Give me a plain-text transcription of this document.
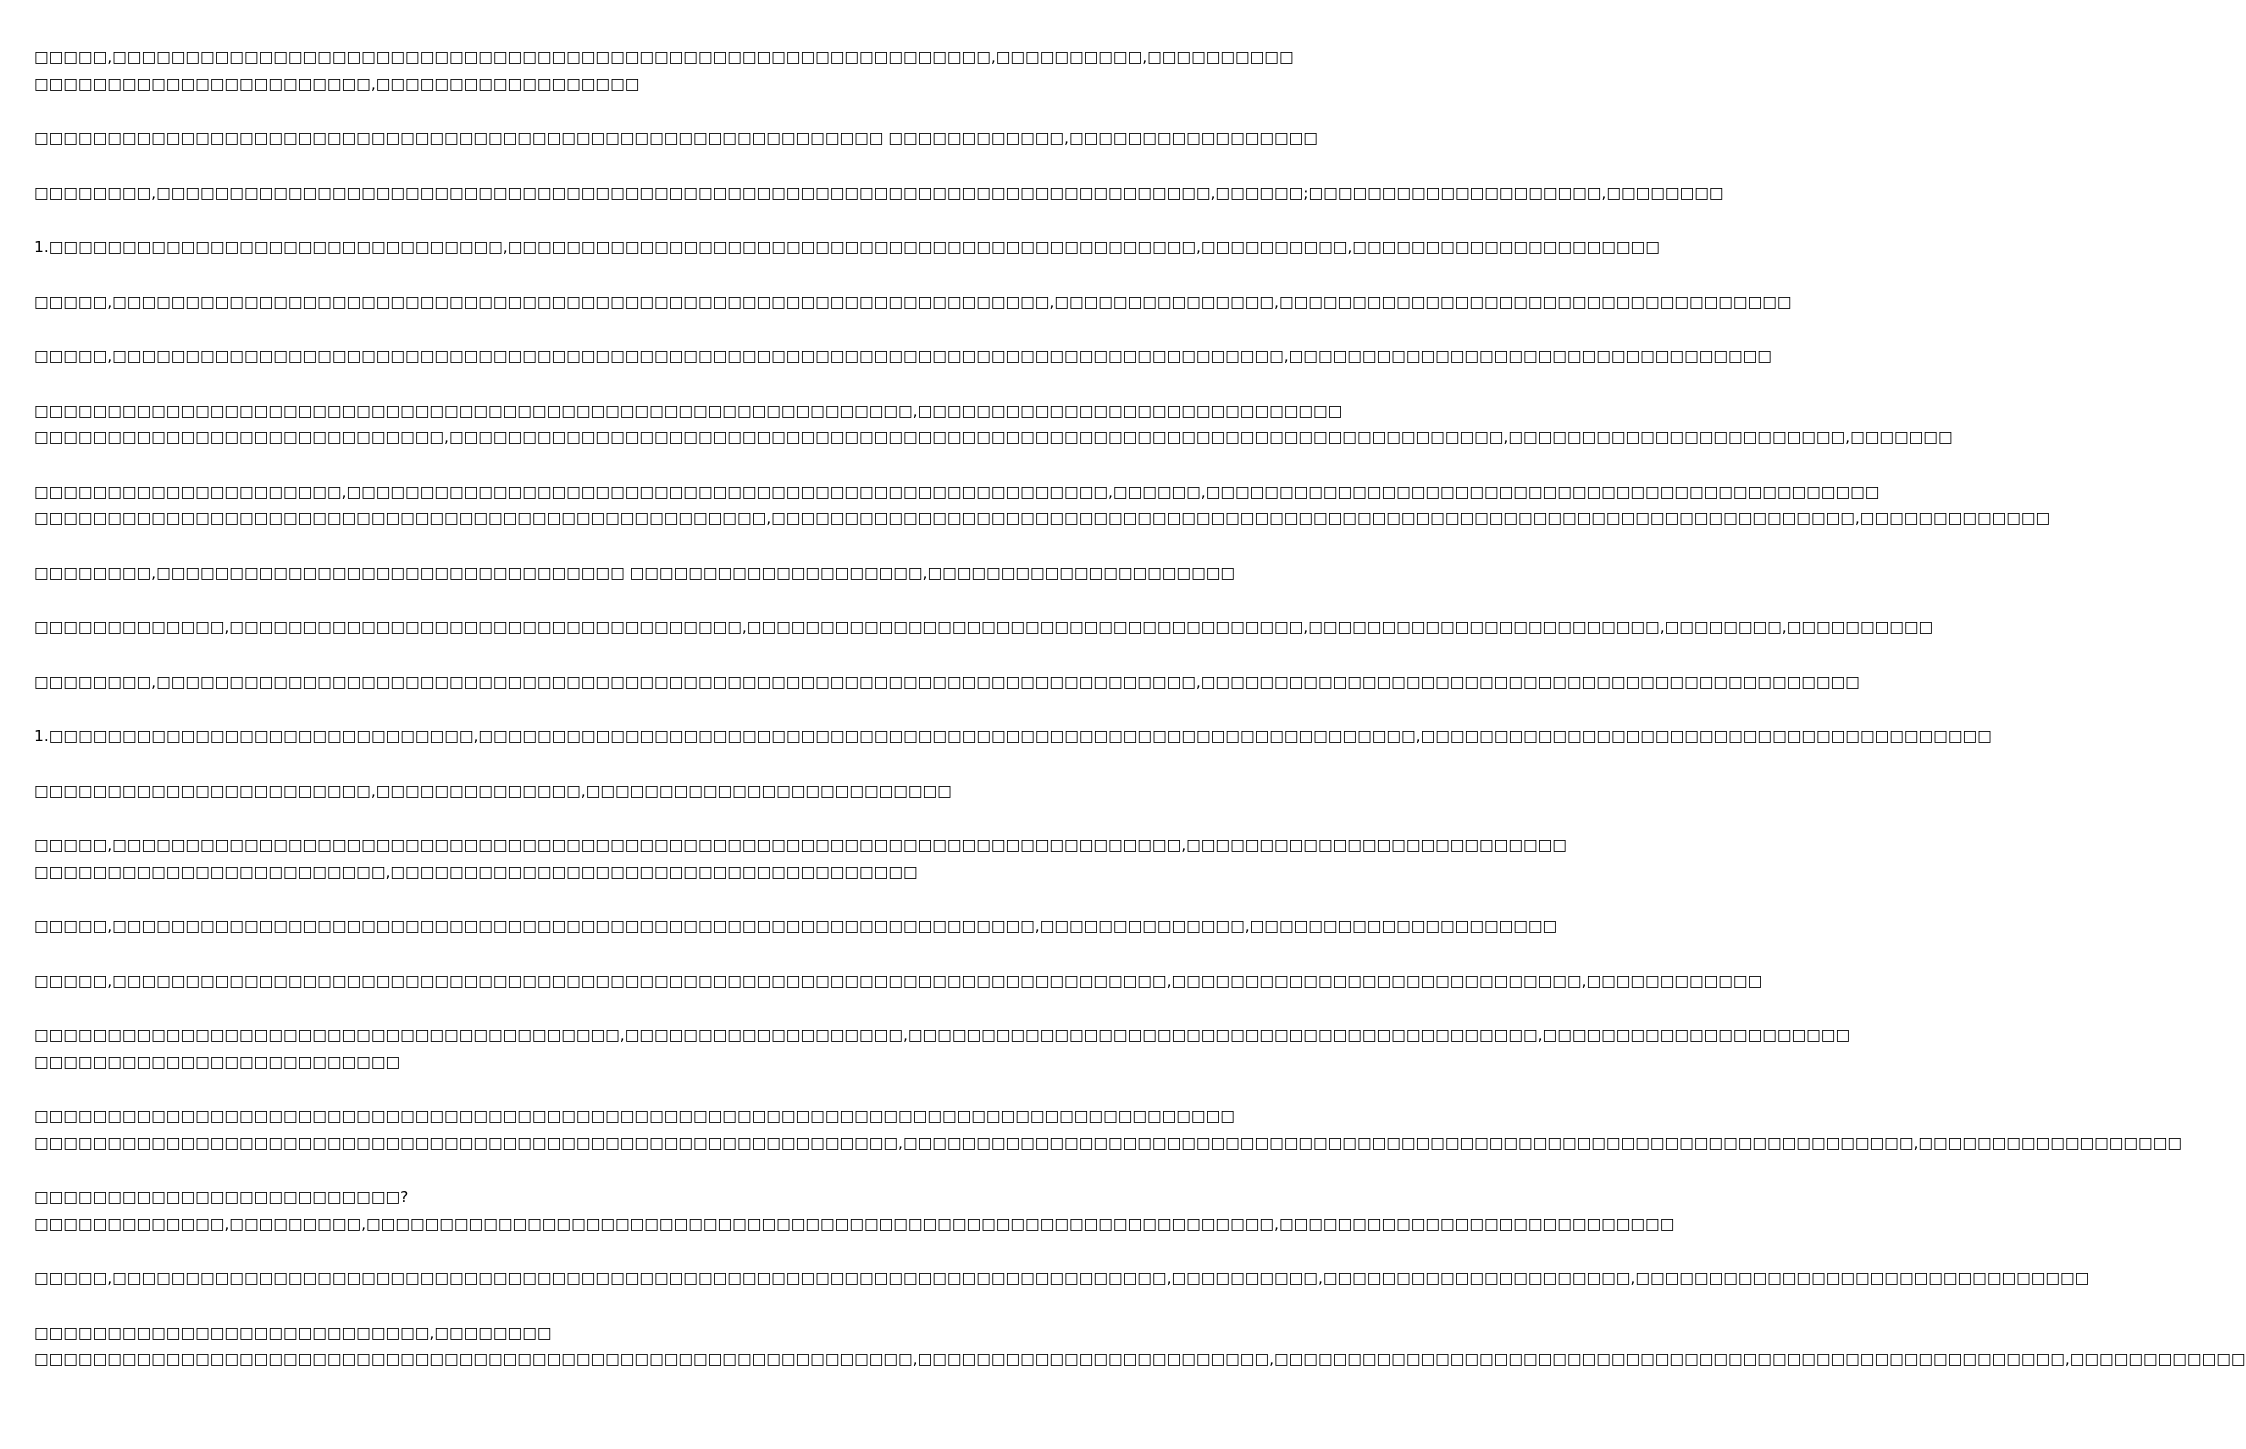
□□□□□,□□□□□□□□□□□□□□□□□□□□□□□□□□□□□□□□□□□□□□□□□□□□□□□□□□□□□□□□□□□□,□□□□□□□□□□,□□□□□□□□□□
□□□□□□□□□□□□□□□□□□□□□□□,□□□□□□□□□□□□□□□□□□
□□□□□□□□□□□□□□□□□□□□□□□□□□□□□□□□□□□□□□□□□□□□□□□□□□□□□□□□□□ □□□□□□□□□□□□,□□□□□□□□□□□□□□□□□
□□□□□□□□,□□□□□□□□□□□□□□□□□□□□□□□□□□□□□□□□□□□□□□□□□□□□□□□□□□□□□□□□□□□□□□□□□□□□□□□□,□□□□□□;□□□□□□□□□□□□□□□□□□□□,□□□□□□□□
1.□□□□□□□□□□□□□□□□□□□□□□□□□□□□□□□,□□□□□□□□□□□□□□□□□□□□□□□□□□□□□□□□□□□□□□□□□□□□□□□,□□□□□□□□□□,□□□□□□□□□□□□□□□□□□□□□
□□□□□,□□□□□□□□□□□□□□□□□□□□□□□□□□□□□□□□□□□□□□□□□□□□□□□□□□□□□□□□□□□□□□□□,□□□□□□□□□□□□□□□,□□□□□□□□□□□□□□□□□□□□□□□□□□□□□□□□□□□
□□□□□,□□□□□□□□□□□□□□□□□□□□□□□□□□□□□□□□□□□□□□□□□□□□□□□□□□□□□□□□□□□□□□□□□□□□□□□□□□□□□□□□,□□□□□□□□□□□□□□□□□□□□□□□□□□□□□□□□□
□□□□□□□□□□□□□□□□□□□□□□□□□□□□□□□□□□□□□□□□□□□□□□□□□□□□□□□□□□□□,□□□□□□□□□□□□□□□□□□□□□□□□□□□□□
□□□□□□□□□□□□□□□□□□□□□□□□□□□□,□□□□□□□□□□□□□□□□□□□□□□□□□□□□□□□□□□□□□□□□□□□□□□□□□□□□□□□□□□□□□□□□□□□□□□□□,□□□□□□□□□□□□□□□□□□□□□□□,□□□□□□□
□□□□□□□□□□□□□□□□□□□□□,□□□□□□□□□□□□□□□□□□□□□□□□□□□□□□□□□□□□□□□□□□□□□□□□□□□□,□□□□□□,□□□□□□□□□□□□□□□□□□□□□□□□□□□□□□□□□□□□□□□□□□□□□□
□□□□□□□□□□□□□□□□□□□□□□□□□□□□□□□□□□□□□□□□□□□□□□□□□□,□□□□□□□□□□□□□□□□□□□□□□□□□□□□□□□□□□□□□□□□□□□□□□□□□□□□□□□□□□□□□□□□□□□□□□□□□□,□□□□□□□□□□□□□
□□□□□□□□,□□□□□□□□□□□□□□□□□□□□□□□□□□□□□□□□ □□□□□□□□□□□□□□□□□□□□,□□□□□□□□□□□□□□□□□□□□□
□□□□□□□□□□□□□,□□□□□□□□□□□□□□□□□□□□□□□□□□□□□□□□□□□,□□□□□□□□□□□□□□□□□□□□□□□□□□□□□□□□□□□□□□,□□□□□□□□□□□□□□□□□□□□□□□□,□□□□□□□□,□□□□□□□□□□
□□□□□□□□,□□□□□□□□□□□□□□□□□□□□□□□□□□□□□□□□□□□□□□□□□□□□□□□□□□□□□□□□□□□□□□□□□□□□□□□,□□□□□□□□□□□□□□□□□□□□□□□□□□□□□□□□□□□□□□□□□□□□□
1.□□□□□□□□□□□□□□□□□□□□□□□□□□□□□,□□□□□□□□□□□□□□□□□□□□□□□□□□□□□□□□□□□□□□□□□□□□□□□□□□□□□□□□□□□□□□□□,□□□□□□□□□□□□□□□□□□□□□□□□□□□□□□□□□□□□□□□
□□□□□□□□□□□□□□□□□□□□□□□,□□□□□□□□□□□□□□,□□□□□□□□□□□□□□□□□□□□□□□□□
□□□□□,□□□□□□□□□□□□□□□□□□□□□□□□□□□□□□□□□□□□□□□□□□□□□□□□□□□□□□□□□□□□□□□□□□□□□□□□□,□□□□□□□□□□□□□□□□□□□□□□□□□□
□□□□□□□□□□□□□□□□□□□□□□□□,□□□□□□□□□□□□□□□□□□□□□□□□□□□□□□□□□□□□
□□□□□,□□□□□□□□□□□□□□□□□□□□□□□□□□□□□□□□□□□□□□□□□□□□□□□□□□□□□□□□□□□□□□□,□□□□□□□□□□□□□□,□□□□□□□□□□□□□□□□□□□□□
□□□□□,□□□□□□□□□□□□□□□□□□□□□□□□□□□□□□□□□□□□□□□□□□□□□□□□□□□□□□□□□□□□□□□□□□□□□□□□,□□□□□□□□□□□□□□□□□□□□□□□□□□□□,□□□□□□□□□□□□
□□□□□□□□□□□□□□□□□□□□□□□□□□□□□□□□□□□□□□□□,□□□□□□□□□□□□□□□□□□□,□□□□□□□□□□□□□□□□□□□□□□□□□□□□□□□□□□□□□□□□□□□,□□□□□□□□□□□□□□□□□□□□□
□□□□□□□□□□□□□□□□□□□□□□□□□
□□□□□□□□□□□□□□□□□□□□□□□□□□□□□□□□□□□□□□□□□□□□□□□□□□□□□□□□□□□□□□□□□□□□□□□□□□□□□□□□□□
□□□□□□□□□□□□□□□□□□□□□□□□□□□□□□□□□□□□□□□□□□□□□□□□□□□□□□□□□□□,□□□□□□□□□□□□□□□□□□□□□□□□□□□□□□□□□□□□□□□□□□□□□□□□□□□□□□□□□□□□□□□□□□□□□,□□□□□□□□□□□□□□□□□□
□□□□□□□□□□□□□□□□□□□□□□□□□?
□□□□□□□□□□□□□,□□□□□□□□□,□□□□□□□□□□□□□□□□□□□□□□□□□□□□□□□□□□□□□□□□□□□□□□□□□□□□□□□□□□□□□□,□□□□□□□□□□□□□□□□□□□□□□□□□□□
□□□□□,□□□□□□□□□□□□□□□□□□□□□□□□□□□□□□□□□□□□□□□□□□□□□□□□□□□□□□□□□□□□□□□□□□□□□□□□,□□□□□□□□□□,□□□□□□□□□□□□□□□□□□□□□,□□□□□□□□□□□□□□□□□□□□□□□□□□□□□□□
□□□□□□□□□□□□□□□□□□□□□□□□□□□,□□□□□□□□
□□□□□□□□□□□□□□□□□□□□□□□□□□□□□□□□□□□□□□□□□□□□□□□□□□□□□□□□□□□□,□□□□□□□□□□□□□□□□□□□□□□□□,□□□□□□□□□□□□□□□□□□□□□□□□□□□□□□□□□□□□□□□□□□□□□□□□□□□□□□,□□□□□□□□□□□□
